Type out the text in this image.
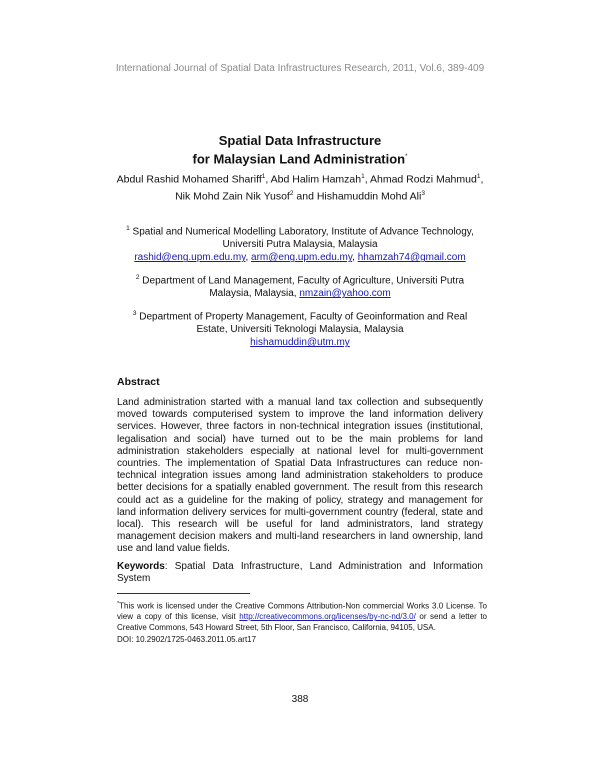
International Journal of Spatial Data Infrastructures Research, 2011, Vol.6, 389-409
Spatial Data Infrastructure
for Malaysian Land Administration*
Abdul Rashid Mohamed Shariff$^1$, Abd Halim Hamzah$^1$, Ahmad Rodzi Mahmud$^1$, Nik Mohd Zain Nik Yusof$^2$ and Hishamuddin Mohd Ali$^3$
$^1$ Spatial and Numerical Modelling Laboratory, Institute of Advance Technology,
Universiti Putra Malaysia, Malaysia
rashid@eng.upm.edu.my, arm@eng.upm.edu.my, hhamzah74@gmail.com
$^2$ Department of Land Management, Faculty of Agriculture, Universiti Putra Malaysia, Malaysia, nmzain@yahoo.com
$^3$ Department of Property Management, Faculty of Geoinformation and Real Estate, Universiti Teknologi Malaysia, Malaysia
hishamuddin@utm.my
Abstract
Land administration started with a manual land tax collection and subsequently moved towards computerised system to improve the land information delivery services. However, three factors in non-technical integration issues (institutional, legalisation and social) have turned out to be the main problems for land administration stakeholders especially at national level for multi-government countries. The implementation of Spatial Data Infrastructures can reduce non-technical integration issues among land administration stakeholders to produce better decisions for a spatially enabled government. The result from this research could act as a guideline for the making of policy, strategy and management for land information delivery services for multi-government country (federal, state and local). This research will be useful for land administrators, land strategy management decision makers and multi-land researchers in land ownership, land use and land value fields.
Keywords: Spatial Data Infrastructure, Land Administration and Information System
*This work is licensed under the Creative Commons Attribution-Non commercial Works 3.0 License. To view a copy of this license, visit http://creativecommons.org/licenses/by-nc-nd/3.0/ or send a letter to Creative Commons, 543 Howard Street, 5th Floor, San Francisco, California, 94105, USA.
DOI: 10.2902/1725-0463.2011.05.art17
388
